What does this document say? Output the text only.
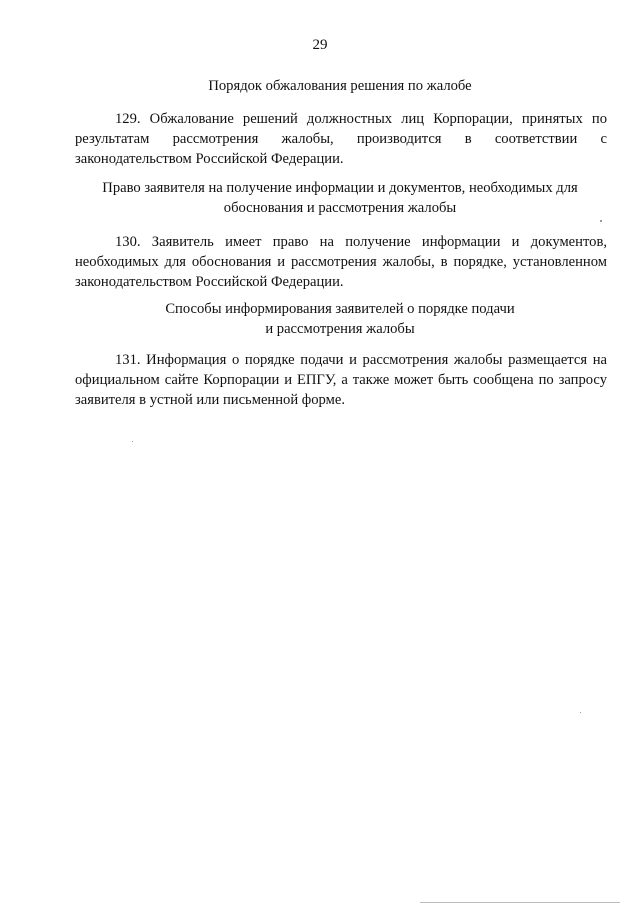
29
Порядок обжалования решения по жалобе
129. Обжалование решений должностных лиц Корпорации, принятых по результатам рассмотрения жалобы, производится в соответствии с законодательством Российской Федерации.
Право заявителя на получение информации и документов, необходимых для
обоснования и рассмотрения жалобы
130. Заявитель имеет право на получение информации и документов, необходимых для обоснования и рассмотрения жалобы, в порядке, установленном законодательством Российской Федерации.
Способы информирования заявителей о порядке подачи
и рассмотрения жалобы
131. Информация о порядке подачи и рассмотрения жалобы размещается на официальном сайте Корпорации и ЕПГУ, а также может быть сообщена по запросу заявителя в устной или письменной форме.
